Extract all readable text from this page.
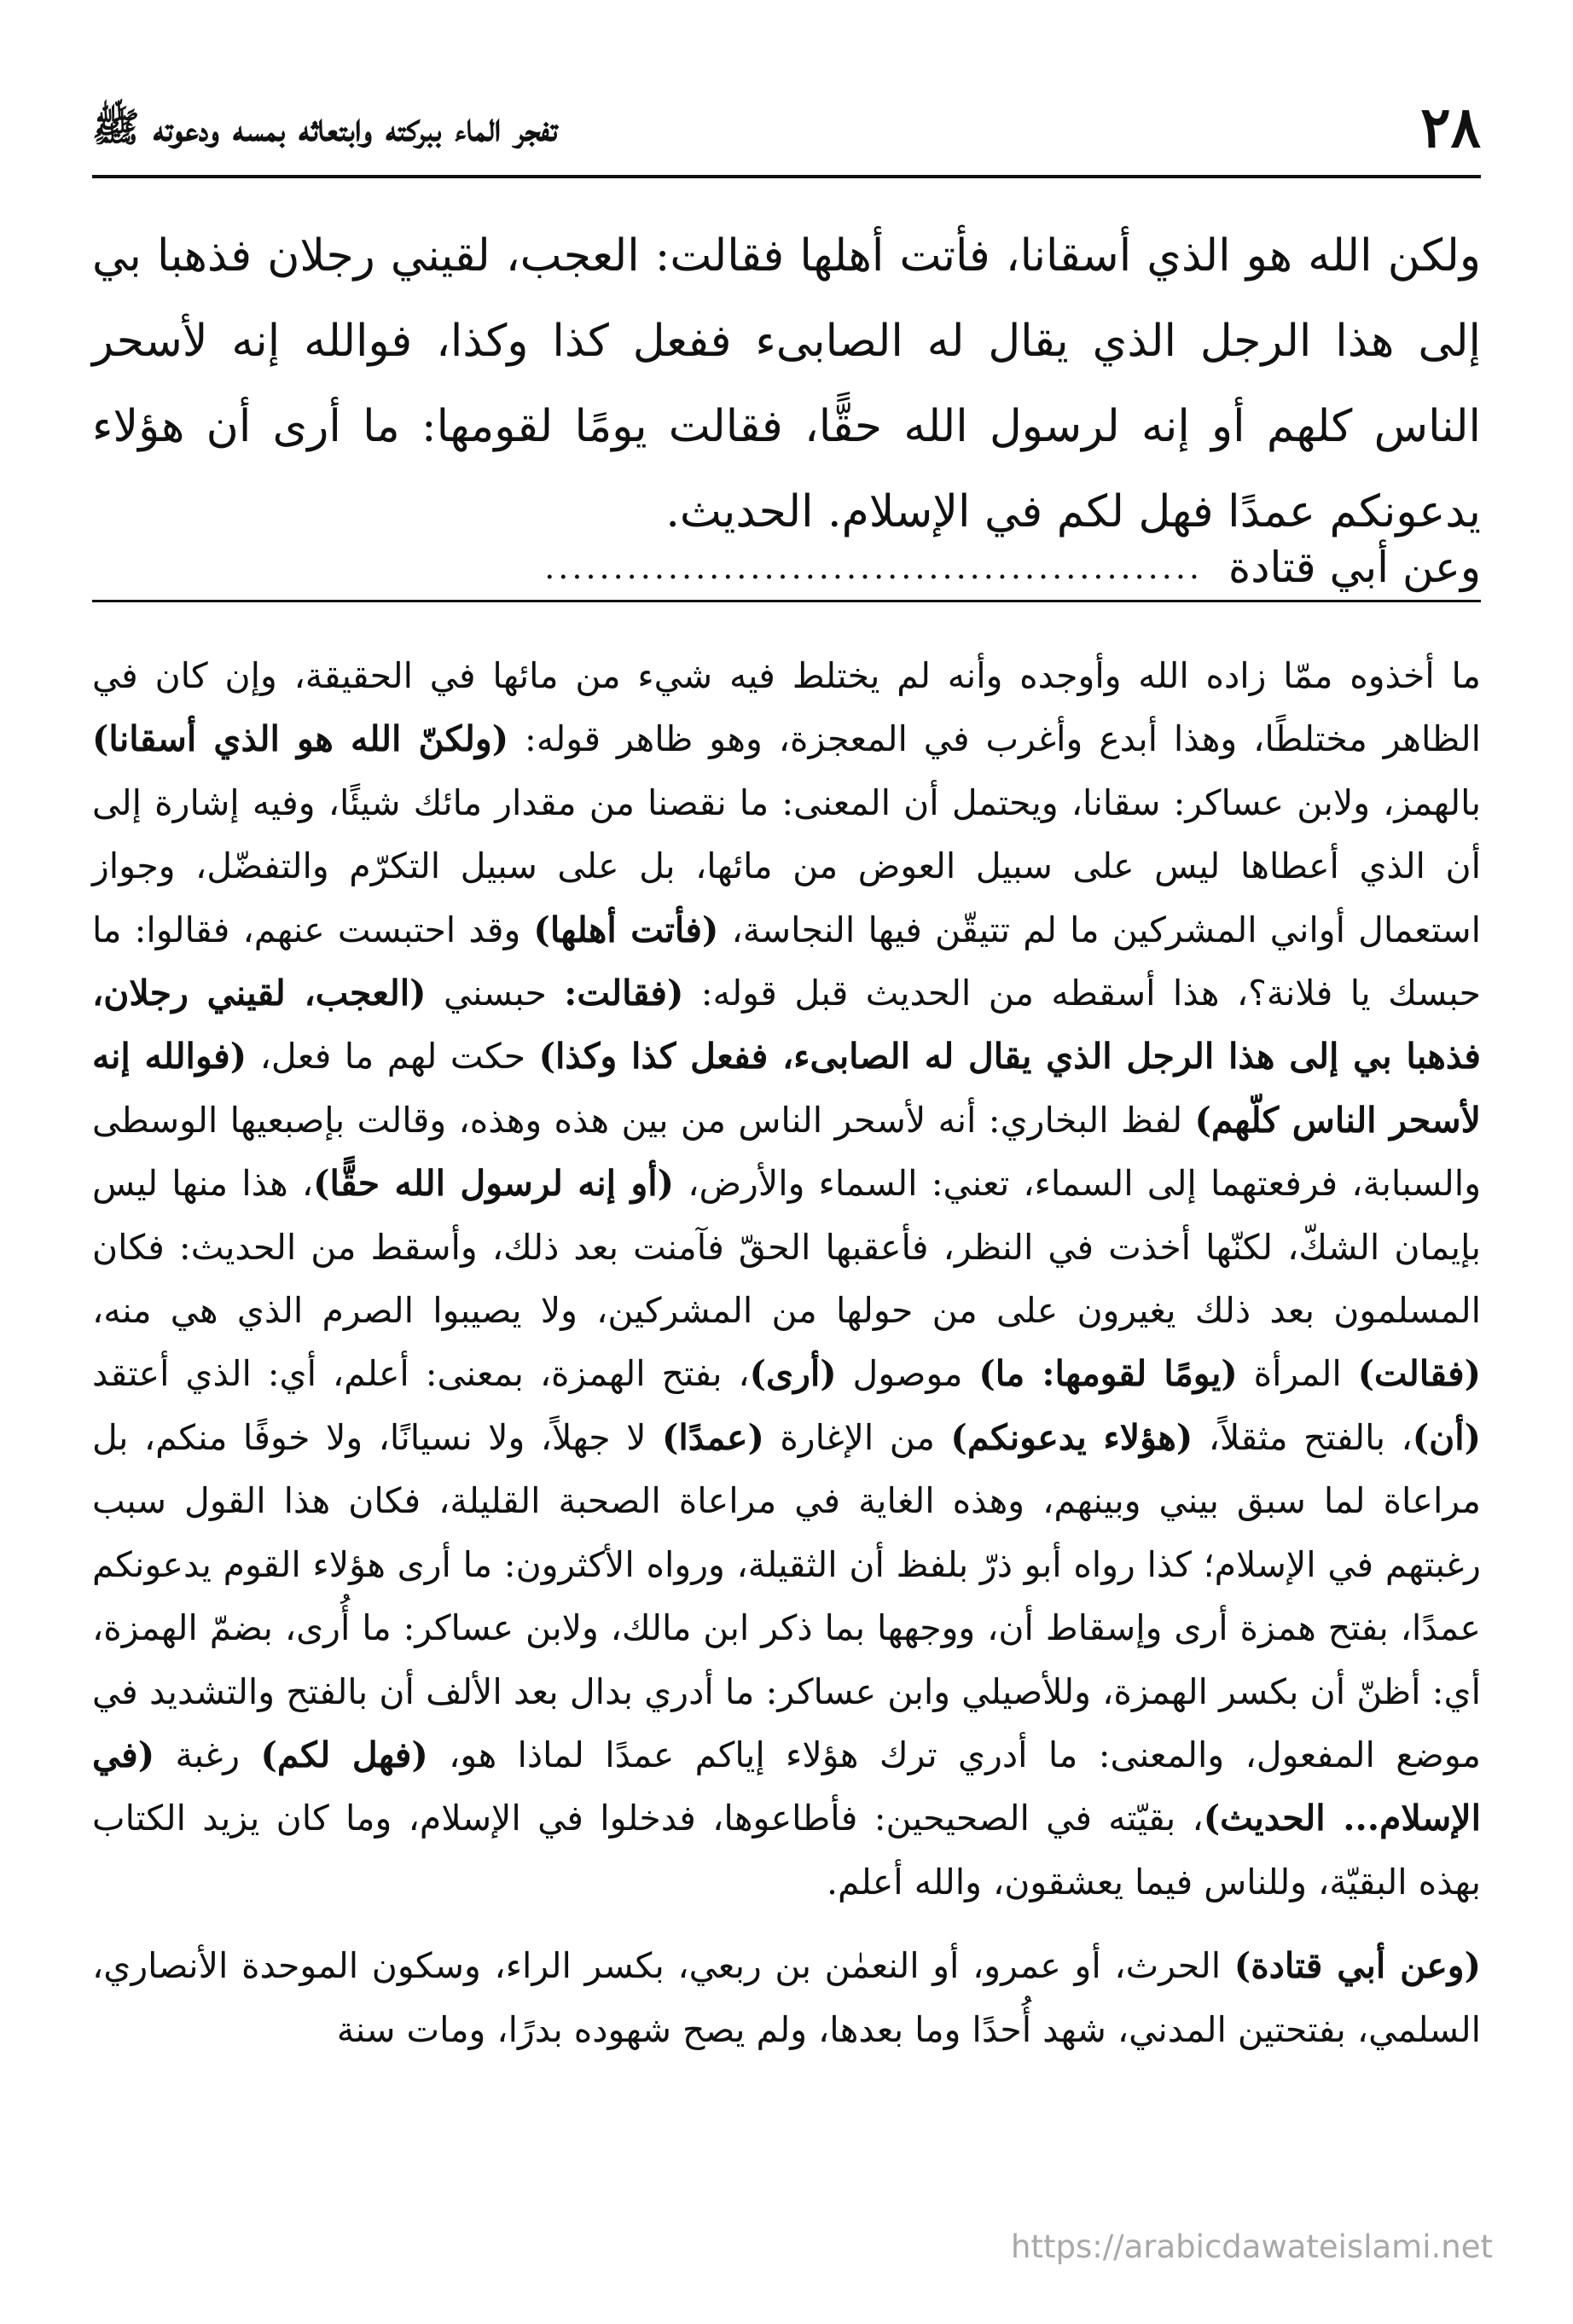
٢٨
تفجر الماء ببركته وابتعاثه بمسه ودعوته ﷺ

ولكن الله هو الذي أسقانا، فأتت أهلها فقالت: العجب، لقيني رجلان فذهبا بي إلى هذا الرجل الذي يقال له الصابىء ففعل كذا وكذا، فوالله إنه لأسحر الناس كلهم أو إنه لرسول الله حقًّا، فقالت يومًا لقومها: ما أرى أن هؤلاء يدعونكم عمدًا فهل لكم في الإسلام. الحديث.

وعن أبي قتادة
................................................

ما أخذوه ممّا زاده الله وأوجده وأنه لم يختلط فيه شيء من مائها في الحقيقة، وإن كان في الظاهر مختلطًا، وهذا أبدع وأغرب في المعجزة، وهو ظاهر قوله: (ولكنّ الله هو الذي أسقانا) بالهمز، ولابن عساكر: سقانا، ويحتمل أن المعنى: ما نقصنا من مقدار مائك شيئًا، وفيه إشارة إلى أن الذي أعطاها ليس على سبيل العوض من مائها، بل على سبيل التكرّم والتفضّل، وجواز استعمال أواني المشركين ما لم تتيقّن فيها النجاسة، (فأتت أهلها) وقد احتبست عنهم، فقالوا: ما حبسك يا فلانة؟، هذا أسقطه من الحديث قبل قوله: (فقالت: حبسني (العجب، لقيني رجلان، فذهبا بي إلى هذا الرجل الذي يقال له الصابىء، ففعل كذا وكذا) حكت لهم ما فعل، (فوالله إنه لأسحر الناس كلّهم) لفظ البخاري: أنه لأسحر الناس من بين هذه وهذه، وقالت بإصبعيها الوسطى والسبابة، فرفعتهما إلى السماء، تعني: السماء والأرض، (أو إنه لرسول الله حقًّا)، هذا منها ليس بإيمان الشكّ، لكنّها أخذت في النظر، فأعقبها الحقّ فآمنت بعد ذلك، وأسقط من الحديث: فكان المسلمون بعد ذلك يغيرون على من حولها من المشركين، ولا يصيبوا الصرم الذي هي منه، (فقالت) المرأة (يومًا لقومها: ما) موصول (أرى)، بفتح الهمزة، بمعنى: أعلم، أي: الذي أعتقد (أن)، بالفتح مثقلاً، (هؤلاء يدعونكم) من الإغارة (عمدًا) لا جهلاً، ولا نسيانًا، ولا خوفًا منكم، بل مراعاة لما سبق بيني وبينهم، وهذه الغاية في مراعاة الصحبة القليلة، فكان هذا القول سبب رغبتهم في الإسلام؛ كذا رواه أبو ذرّ بلفظ أن الثقيلة، ورواه الأكثرون: ما أرى هؤلاء القوم يدعونكم عمدًا، بفتح همزة أرى وإسقاط أن، ووجهها بما ذكر ابن مالك، ولابن عساكر: ما أُرى، بضمّ الهمزة، أي: أظنّ أن بكسر الهمزة، وللأصيلي وابن عساكر: ما أدري بدال بعد الألف أن بالفتح والتشديد في موضع المفعول، والمعنى: ما أدري ترك هؤلاء إياكم عمدًا لماذا هو، (فهل لكم) رغبة (في الإسلام... الحديث)، بقيّته في الصحيحين: فأطاعوها، فدخلوا في الإسلام، وما كان يزيد الكتاب بهذه البقيّة، وللناس فيما يعشقون، والله أعلم.

(وعن أبي قتادة) الحرث، أو عمرو، أو النعمٰن بن ربعي، بكسر الراء، وسكون الموحدة الأنصاري، السلمي، بفتحتين المدني، شهد أُحدًا وما بعدها، ولم يصح شهوده بدرًا، ومات سنة

https://arabicdawateislami.net
